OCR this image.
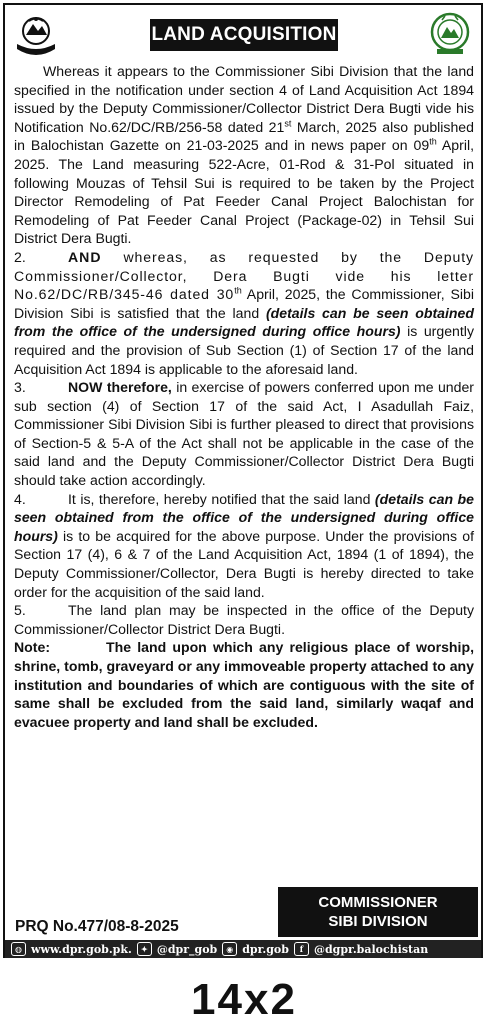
LAND ACQUISITION

Whereas it appears to the Commissioner Sibi Division that the land specified in the notification under section 4 of Land Acquisition Act 1894 issued by the Deputy Commissioner/Collector District Dera Bugti vide his Notification No.62/DC/RB/256-58 dated 21st March, 2025 also published in Balochistan Gazette on 21-03-2025 and in news paper on 09th April, 2025. The Land measuring 522-Acre, 01-Rod & 31-Pol situated in following Mouzas of Tehsil Sui is required to be taken by the Project Director Remodeling of Pat Feeder Canal Project Balochistan for Remodeling of Pat Feeder Canal Project (Package-02) in Tehsil Sui District Dera Bugti.

2.	AND whereas, as requested by the Deputy Commissioner/Collector, Dera Bugti vide his letter No.62/DC/RB/345-46 dated 30th April, 2025, the Commissioner, Sibi Division Sibi is satisfied that the land (details can be seen obtained from the office of the undersigned during office hours) is urgently required and the provision of Sub Section (1) of Section 17 of the land Acquisition Act 1894 is applicable to the aforesaid land.

3.	NOW therefore, in exercise of powers conferred upon me under sub section (4) of Section 17 of the said Act, I Asadullah Faiz, Commissioner Sibi Division Sibi is further pleased to direct that provisions of Section-5 & 5-A of the Act shall not be applicable in the case of the said land and the Deputy Commissioner/Collector District Dera Bugti should take action accordingly.

4.	It is, therefore, hereby notified that the said land (details can be seen obtained from the office of the undersigned during office hours) is to be acquired for the above purpose. Under the provisions of Section 17 (4), 6 & 7 of the Land Acquisition Act, 1894 (1 of 1894), the Deputy Commissioner/Collector, Dera Bugti is hereby directed to take order for the acquisition of the said land.

5.	The land plan may be inspected in the office of the Deputy Commissioner/Collector District Dera Bugti.

Note:	The land upon which any religious place of worship, shrine, tomb, graveyard or any immoveable property attached to any institution and boundaries of which are contiguous with the site of same shall be excluded from the said land, similarly waqaf and evacuee property and land shall be excluded.

COMMISSIONER
SIBI DIVISION
PRQ No.477/08-8-2025
◍ www.dpr.gob.pk.	✦ @dpr_gob	◉ dpr.gob	f @dgpr.balochistan
14x2
